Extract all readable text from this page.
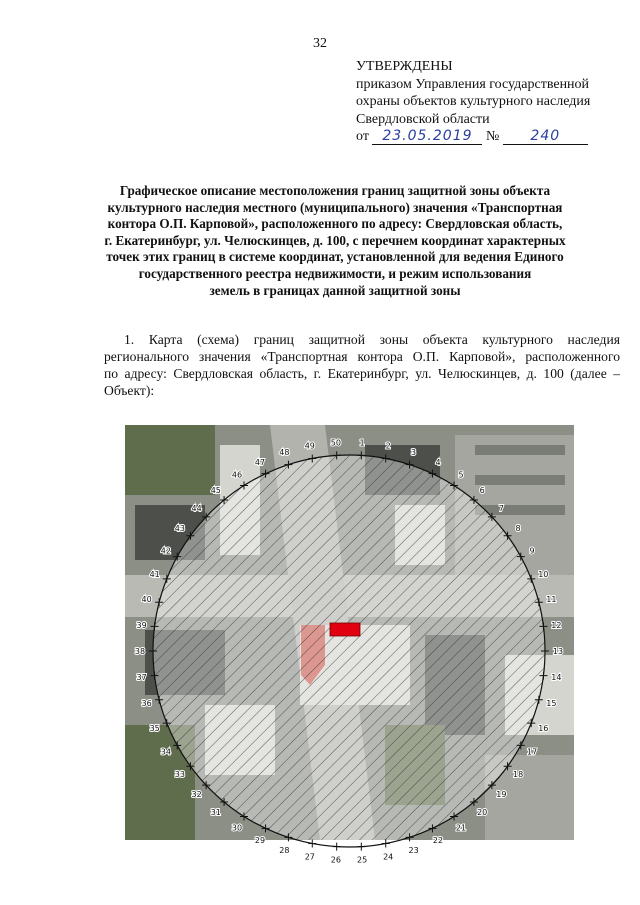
32
УТВЕРЖДЕНЫ
приказом Управления государственной
охраны объектов культурного наследия
Свердловской области
от 23.05.2019 № 240
Графическое описание местоположения границ защитной зоны объекта
культурного наследия местного (муниципального) значения «Транспортная
контора О.П. Карповой», расположенного по адресу: Свердловская область,
г. Екатеринбург, ул. Челюскинцев, д. 100, с перечнем координат характерных
точек этих границ в системе координат, установленной для ведения Единого
государственного реестра недвижимости, и режим использования
земель в границах данной защитной зоны
1. Карта (схема) границ защитной зоны объекта культурного наследия
регионального значения «Транспортная контора О.П. Карповой», расположенного
по адресу: Свердловская область, г. Екатеринбург, ул. Челюскинцев, д. 100 (далее –
Объект):
1	2
3
4
5
6
7
8
9
10
11
12
13
14
15
16
17
18
19
20
21
22
23
24
25
26
27
28
29
30
31
32
33
34
35
36
37
38
39
40
41
42
43
44
45
46
47
48
49 50
